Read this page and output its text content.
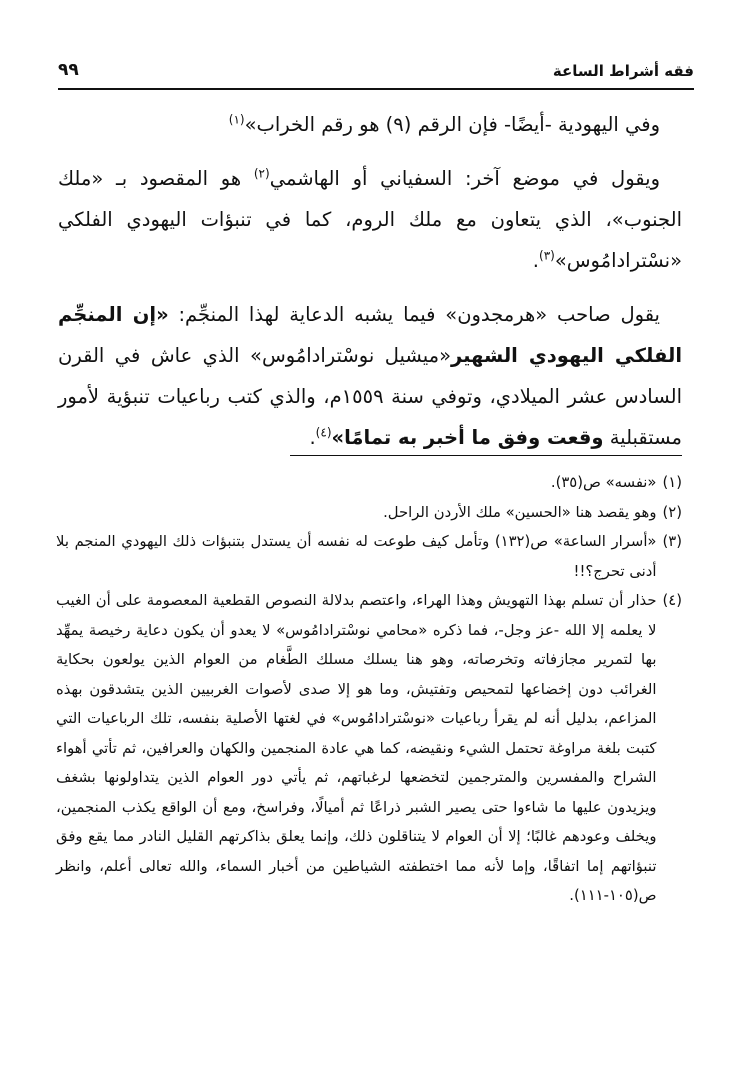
فقه أشراط الساعة
٩٩

وفي اليهودية -أيضًا- فإن الرقم (٩) هو رقم الخراب»$^{(١)}$

ويقول في موضع آخر: السفياني أو الهاشمي$^{(٢)}$ هو المقصود بـ «ملك الجنوب»، الذي يتعاون مع ملك الروم، كما في تنبؤات اليهودي الفلكي «نسْترادامُوس»$^{(٣)}$.

يقول صاحب «هرمجدون» فيما يشبه الدعاية لهذا المنجِّم: «إن المنجِّم الفلكي اليهودي الشهير«ميشيل نوسْترادامُوس» الذي عاش في القرن السادس عشر الميلادي، وتوفي سنة ١٥٥٩م، والذي كتب رباعيات تنبؤية لأمور مستقبلية وقعت وفق ما أخبر به تمامًا»$^{(٤)}$.

(١)
«نفسه» ص(٣٥).
(٢)
وهو يقصد هنا «الحسين» ملك الأردن الراحل.
(٣)
«أسرار الساعة» ص(١٣٢) وتأمل كيف طوعت له نفسه أن يستدل بتنبؤات ذلك اليهودي المنجم بلا أدنى تحرج؟!!
(٤)
حذار أن تسلم بهذا التهويش وهذا الهراء، واعتصم بدلالة النصوص القطعية المعصومة على أن الغيب لا يعلمه إلا الله -عز وجل-، فما ذكره «محامي نوسْترادامُوس» لا يعدو أن يكون دعاية رخيصة يمهِّد بها لتمرير مجازفاته وتخرصاته، وهو هنا يسلك مسلك الطَّغام من العوام الذين يولعون بحكاية الغرائب دون إخضاعها لتمحيص وتفتيش، وما هو إلا صدى لأصوات الغربيين الذين يتشدقون بهذه المزاعم، بدليل أنه لم يقرأ رباعيات «نوسْترادامُوس» في لغتها الأصلية بنفسه، تلك الرباعيات التي كتبت بلغة مراوغة تحتمل الشيء ونقيضه، كما هي عادة المنجمين والكهان والعرافين، ثم تأتي أهواء الشراح والمفسرين والمترجمين لتخضعها لرغباتهم، ثم يأتي دور العوام الذين يتداولونها بشغف ويزيدون عليها ما شاءوا حتى يصير الشبر ذراعًا ثم أميالًا، وفراسخ، ومع أن الواقع يكذب المنجمين، ويخلف وعودهم غالبًا؛ إلا أن العوام لا يتناقلون ذلك، وإنما يعلق بذاكرتهم القليل النادر مما يقع وفق تنبؤاتهم إما اتفاقًا، وإما لأنه مما اختطفته الشياطين من أخبار السماء، والله تعالى أعلم، وانظر ص(١٠٥-١١١).
